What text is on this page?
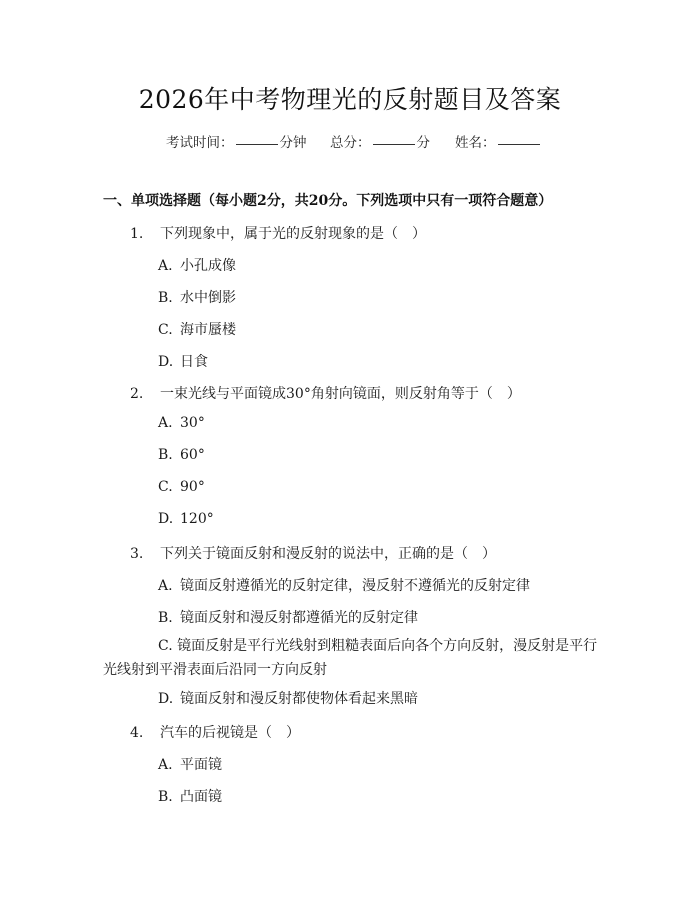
2026年中考物理光的反射题目及答案
考试时间：	分钟 总分：	分 姓名：
一、单项选择题（每小题2分，共20分。下列选项中只有一项符合题意）
1. 下列现象中，属于光的反射现象的是（　）
A. 小孔成像
B. 水中倒影
C. 海市蜃楼
D. 日食
2. 一束光线与平面镜成30°角射向镜面，则反射角等于（　）
A. 30°
B. 60°
C. 90°
D. 120°
3. 下列关于镜面反射和漫反射的说法中，正确的是（　）
A. 镜面反射遵循光的反射定律，漫反射不遵循光的反射定律
B. 镜面反射和漫反射都遵循光的反射定律
C. 镜面反射是平行光线射到粗糙表面后向各个方向反射，漫反射是平行光线射到平滑表面后沿同一方向反射
D. 镜面反射和漫反射都使物体看起来黑暗
4. 汽车的后视镜是（　）
A. 平面镜
B. 凸面镜
